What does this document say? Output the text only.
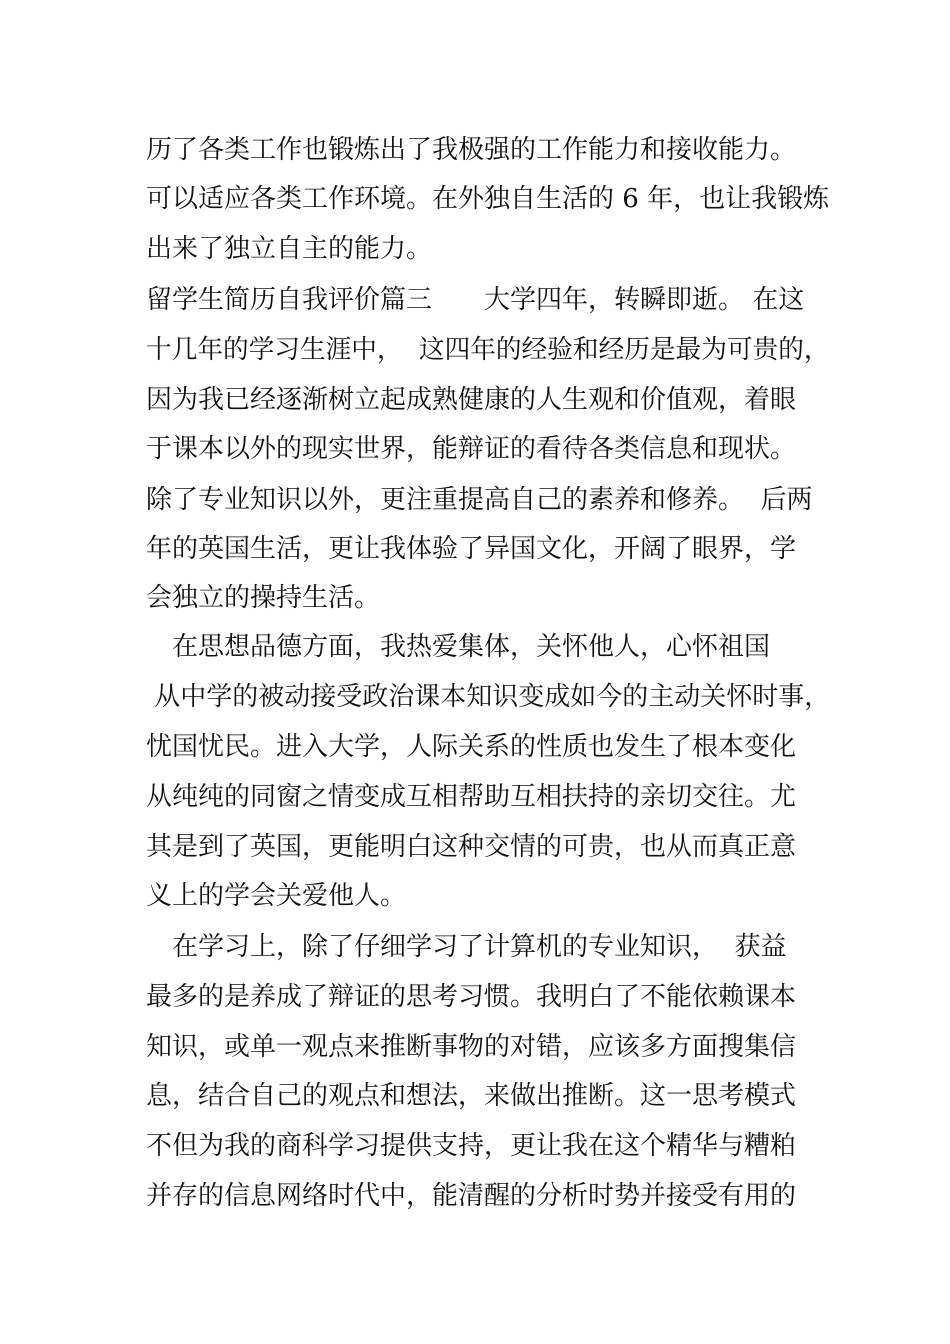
历了各类工作也锻炼出了我极强的工作能力和接收能力。
可以适应各类工作环境。在外独自生活的 6 年，也让我锻炼
出来了独立自主的能力。
留学生简历自我评价篇三　　大学四年，转瞬即逝。 在这
十几年的学习生涯中，  这四年的经验和经历是最为可贵的，
因为我已经逐渐树立起成熟健康的人生观和价值观，着眼
于课本以外的现实世界，能辩证的看待各类信息和现状。
除了专业知识以外，更注重提高自己的素养和修养。  后两
年的英国生活，更让我体验了异国文化，开阔了眼界，学
会独立的操持生活。
　在思想品德方面，我热爱集体，关怀他人，心怀祖国
从中学的被动接受政治课本知识变成如今的主动关怀时事，
忧国忧民。进入大学，人际关系的性质也发生了根本变化
从纯纯的同窗之情变成互相帮助互相扶持的亲切交往。尤
其是到了英国，更能明白这种交情的可贵，也从而真正意
义上的学会关爱他人。
　在学习上，除了仔细学习了计算机的专业知识，  获益
最多的是养成了辩证的思考习惯。我明白了不能依赖课本
知识，或单一观点来推断事物的对错，应该多方面搜集信
息，结合自己的观点和想法，来做出推断。这一思考模式
不但为我的商科学习提供支持，更让我在这个精华与糟粕
并存的信息网络时代中，能清醒的分析时势并接受有用的
